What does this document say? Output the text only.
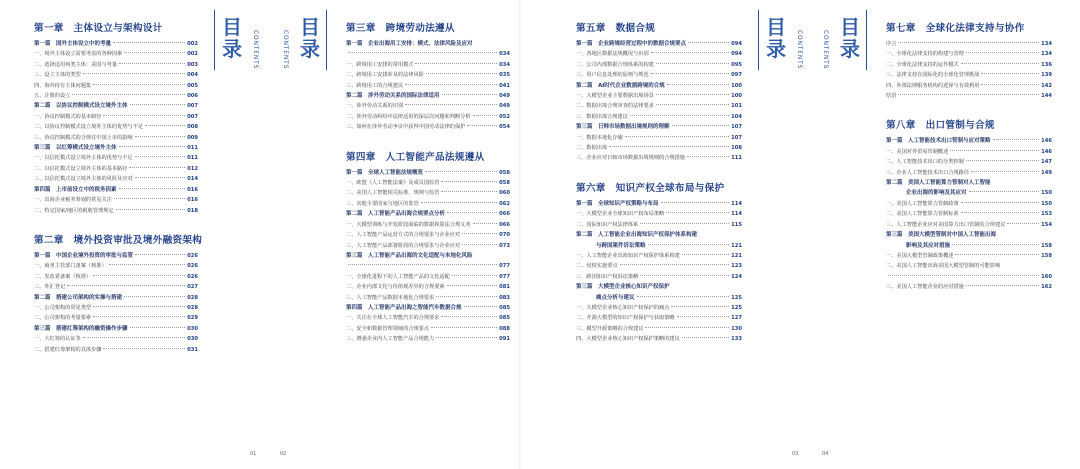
第一章　主体设立与架构设计
第一篇　国外主体设立中的考量	002
一、境外主体设立需要考虑的各种因素	002
二、选择适用何类主体：美国与考量	003
三、设立主体的类型	004
四、海外持有主体问题集	005
五、注册的设立	006
第二篇　以协议控制模式设立境外主体	007
一、协议控制模式的基本路径	007
二、以协议控制模式设立境外主体的优势与不足	008
三、协议控制模式的合规在中国上市的影响	009
第三篇　以红筹模式设立境外主体	011
一、以信托模式设立境外主体的优势与不足	011
二、以信托模式设立境外主体的基本路径	012
三、以信托模式设立境外主体的风险及应对	014
第四篇　上市前设立中的税务因素	016
一、出海企业税务筹划的常见关注	016
二、特定国家/地区的税收管理规定	018
第二章　境外投资审批及境外融资架构
第一篇　中国企业境外投资的审批与监管	026
一、商务主管部门备案（核准）	026
二、发改委备案（核准）	026
三、外汇登记	027
第二篇　搭建公司架构的实操与搭建	028
一、公司架构的常见类型	028
二、公司架构的考量要素	029
第三篇　搭建红筹架构的融资操作步骤	030
一、大红筹的认证等	030
二、搭建红筹架构的具体步骤	031
目录	CONTENTS	CONTENTS
目录
第三章　跨境劳动法遵从
第一篇　企业出海用工安排：模式、法律风险及应对
034
一、跨境用工安排的常用模式	034
二、跨境用工安排涉及的法律风险	035
三、跨境用工的合规建议	041
第二篇　涉外劳动关系的国际法律适用	049
一、涉外劳动关系的识别	049
二、涉外劳动纠纷中法律适用的深层次问题和判断分析	052
三、如何在涉外劳动争议中获得中国劳动法律的保护	054
第四章　人工智能产品法规遵从
第一篇　全球人工智能法规概览	058
一、欧盟《人工智能法案》及成员国监管	058
二、美国人工智能相关标准、规则与监管	060
三、其他主要国家与地区的监管	062
第二篇　人工智能产品出海合规要点分析	066
一、大模型训练与开发阶段面临的数据和算法合规义务	066
二、人工智能产品运营方式的合规要求与企业应对	070
三、人工智能产品部署阶段的合规要求与企业应对	073
第三篇　人工智能产品出海的文化适配与本地化风险
077
一、全球化进程下的人工智能产品的文化适配	077
二、企业内部文化与价值观差异的合规要素	081
三、人工智能产品数据本地化合规要求	083
第四篇　人工智能产品出海之智能汽车数据合规	085
一、关注在全球人工智能汽车的合规要求	085
二、安全和数据管理领域的合规要点	088
三、增强企业内人工智能产品合规能力	091
第五章　数据合规
第一篇　企业跨境经营过程中的数据合规要点	094
一、各地区数据法规概况与识别	094
二、公司内部数据合规体系的构建	095
三、用户信息处理的原则与规范	097
第二篇　AI时代企业数据跨境的合规	100
一、大模型企业主要数据出境场景	100
二、数据出境合规审查的法律要求	101
三、数据出境合规建议	104
第三篇　日韩市场数据出境规则的理解	107
一、数据本地化存储	107
二、数据出境	108
三、企业应对日韩市场数据出境规则的合规措施	111
第六章　知识产权全球布局与保护
第一篇　全球知识产权策略与布局	114
一、大模型企业全球知识产权布局策略	114
二、国际知识产权法律体系	115
第二篇　人工智能企业出海知识产权保护体系构建
与跨国案件诉讼策略	121
一、人工智能企业出海知识产权保护体系构建	121
二、侵权实施要点	123
三、跨国知识产权诉讼策略	124
第三篇　大模型企业核心知识产权保护
痛点分析与建议	125
一、大模型企业核心知识产权保护的痛点	125
二、开源大模型的知识产权保护与获取策略	127
三、模型开源策略的合规建议	130
四、大模型企业核心知识产权保护策略的建议	133
目录	CONTENTS	CONTENTS
目录
第七章　全球化法律支持与协作
序言	134
一、全球化法律支持的构建与管理	134
二、全球化法律支持的运作模式	136
三、法律支持在国际化的全球化管理挑战	139
四、外部法律服务机构的选择与有效利用	142
结语	144
第八章　出口管制与合规
第一篇　人工智能技术出口管制与应对策略	146
一、美国对外贸易管制概述	146
二、人工智能技术出口的分类控制	147
三、企业人工智能技术出口合规路径	149
第二篇　美国人工智能算力管制对人工智能
企业出海的影响及其应对	150
一、美国人工智能算力管制政策	150
二、美国人工智能算力管制标准	153
三、人工智能企业应对美国算力出口管制的合规建议	154
第三篇　美国大模型管制对中国人工智能出海
影响及其应对措施	158
一、美国大模型管制政策概述	158
二、美国人工智能出海美国大模型管制的可能影响
160
三、美国人工智能企业的应对措施	162
01	02	03	04
